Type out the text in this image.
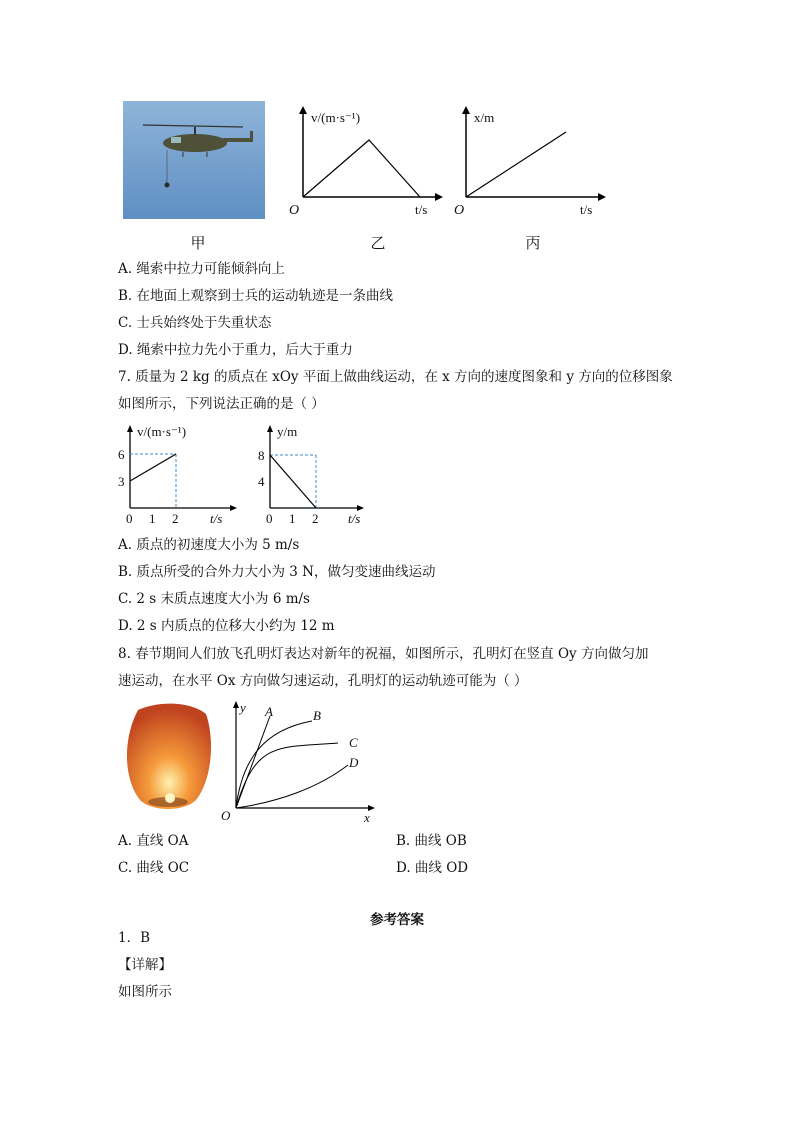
O
v/(m·s⁻¹)
t/s O
x/m
t/s
甲	乙	丙
A. 绳索中拉力可能倾斜向上
B. 在地面上观察到士兵的运动轨迹是一条曲线
C. 士兵始终处于失重状态
D. 绳索中拉力先小于重力，后大于重力
7. 质量为 2 kg 的质点在 xOy 平面上做曲线运动，在 x 方向的速度图象和 y 方向的位移图象
如图所示，下列说法正确的是（ ）
v/(m·s⁻¹)
6
3
0 1 2 t/s
y/m
8
4
0 1 2 t/s
A. 质点的初速度大小为 5 m/s
B. 质点所受的合外力大小为 3 N，做匀变速曲线运动
C. 2 s 末质点速度大小为 6 m/s
D. 2 s 内质点的位移大小约为 12 m
8. 春节期间人们放飞孔明灯表达对新年的祝福，如图所示，孔明灯在竖直 Oy 方向做匀加
速运动，在水平 Ox 方向做匀速运动，孔明灯的运动轨迹可能为（ ）
O
y
x
A	B
C
D
A. 直线 OA	B. 曲线 OB
C. 曲线 OC	D. 曲线 OD
参考答案
1．B
【详解】
如图所示
